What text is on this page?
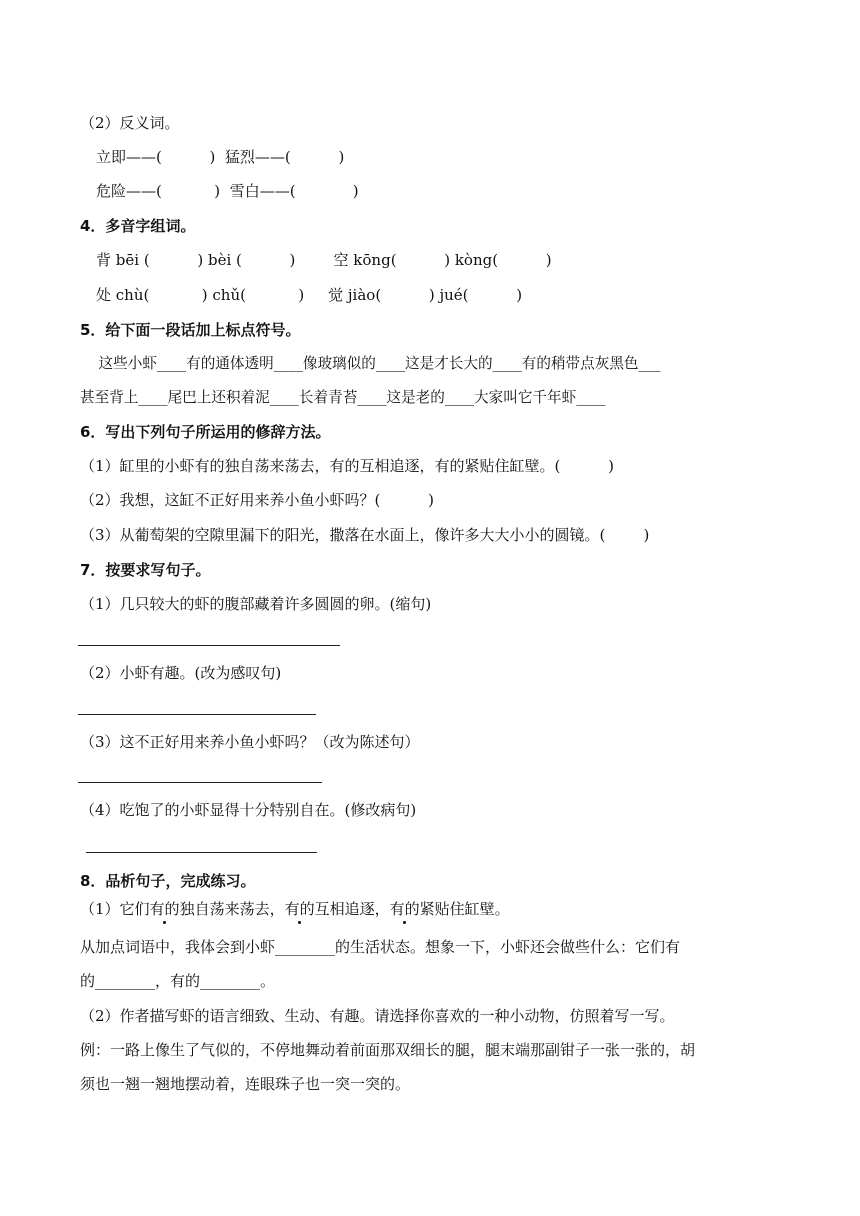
（2）反义词。
立即——(          )  猛烈——(          )
危险——(           )  雪白——(            )
4．多音字组词。
背 bēi (          ) bèi (          )        空 kōng(          ) kòng(          )
处 chù(           ) chǔ(           )     觉 jiào(          ) jué(          )
5．给下面一段话加上标点符号。
这些小虾____有的通体透明____像玻璃似的____这是才长大的____有的稍带点灰黑色___
甚至背上____尾巴上还积着泥____长着青苔____这是老的____大家叫它千年虾____
6．写出下列句子所运用的修辞方法。
（1）缸里的小虾有的独自荡来荡去，有的互相追逐，有的紧贴住缸壁。(          )
（2）我想，这缸不正好用来养小鱼小虾吗？(          )
（3）从葡萄架的空隙里漏下的阳光，撒落在水面上，像许多大大小小的圆镜。(        )
7．按要求写句子。
（1）几只较大的虾的腹部藏着许多圆圆的卵。(缩句)
（2）小虾有趣。(改为感叹句)
（3）这不正好用来养小鱼小虾吗？（改为陈述句）
（4）吃饱了的小虾显得十分特别自在。(修改病句)
8．品析句子，完成练习。
（1）它们有的独自荡来荡去，有的互相追逐，有的紧贴住缸壁。
从加点词语中，我体会到小虾________的生活状态。想象一下，小虾还会做些什么：它们有
的________，有的________。
（2）作者描写虾的语言细致、生动、有趣。请选择你喜欢的一种小动物，仿照着写一写。
例：一路上像生了气似的，不停地舞动着前面那双细长的腿，腿末端那副钳子一张一张的，胡
须也一翘一翘地摆动着，连眼珠子也一突一突的。
